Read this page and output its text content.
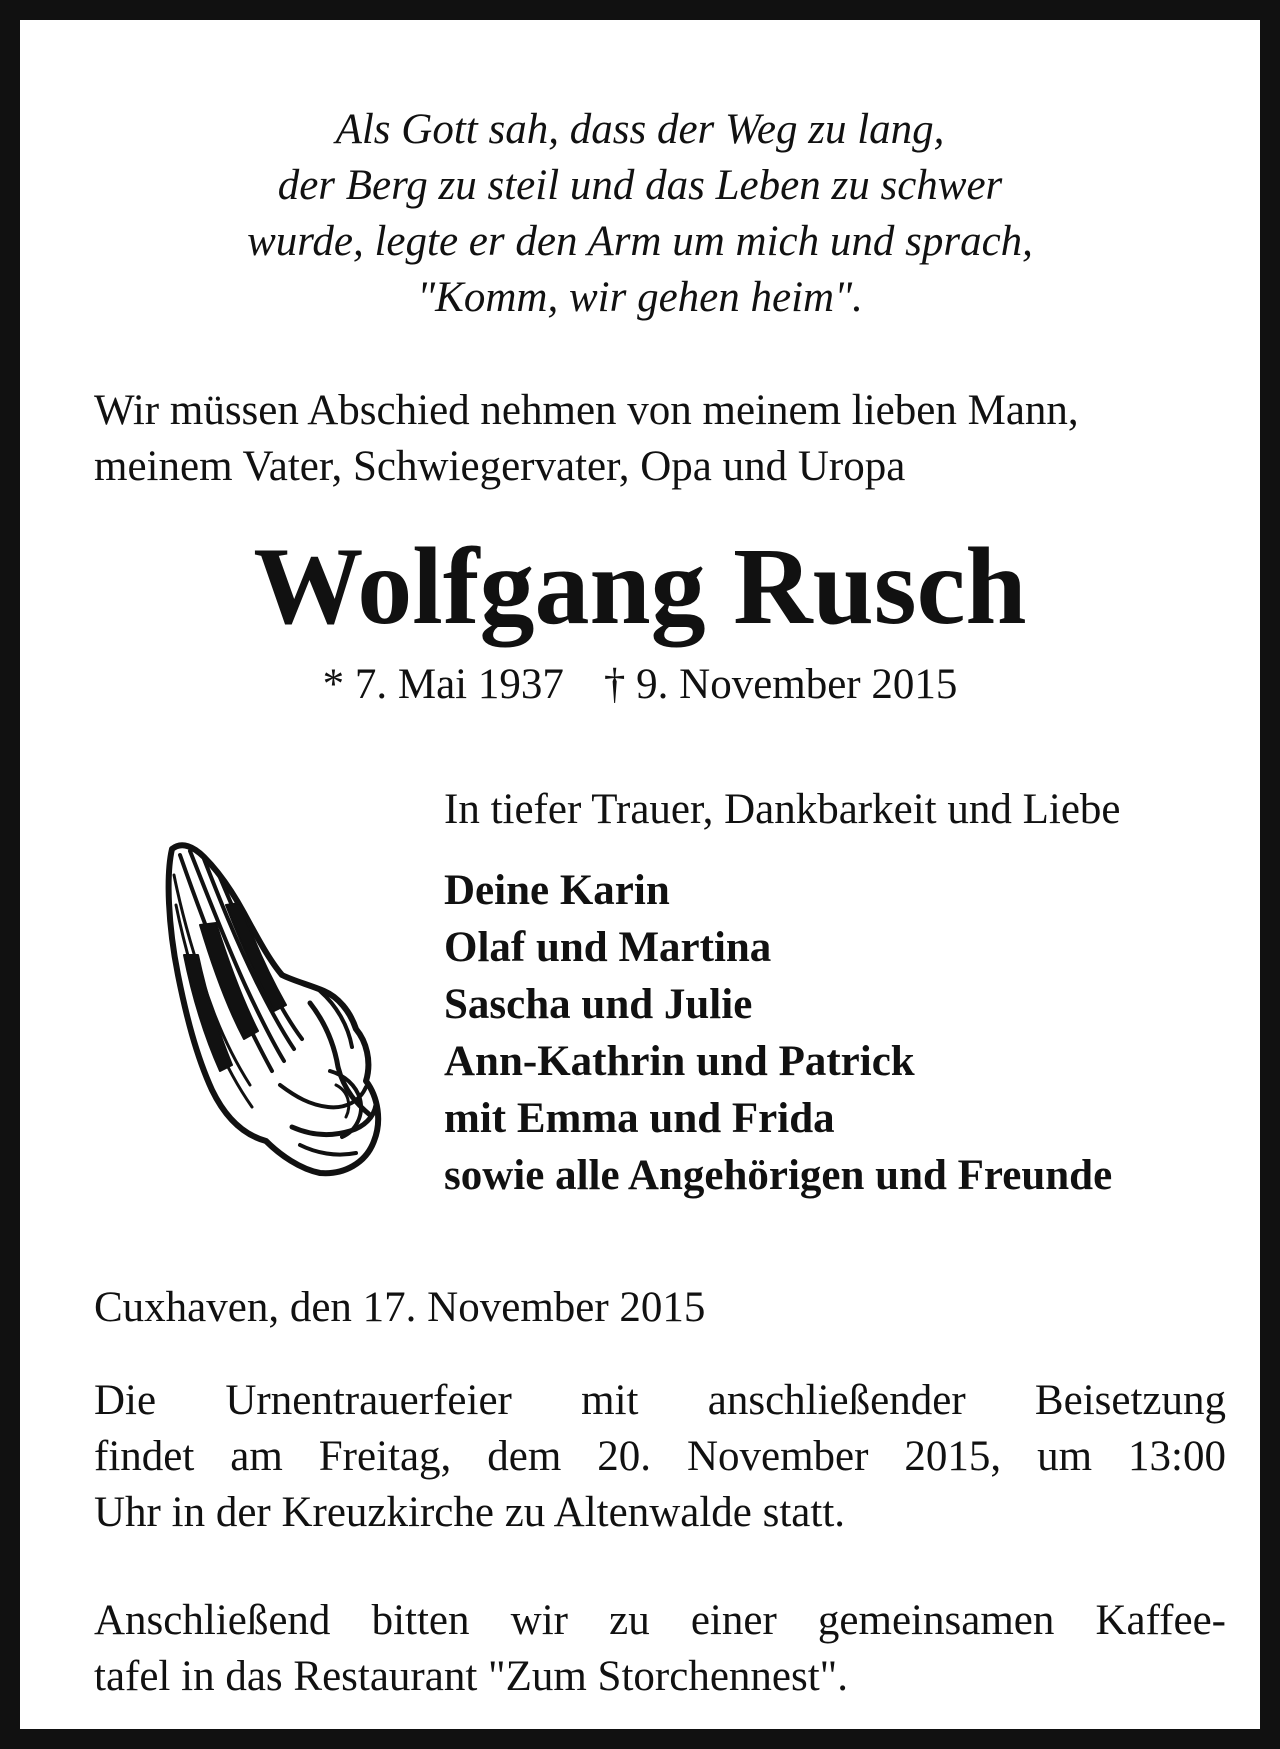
Als Gott sah, dass der Weg zu lang,
der Berg zu steil und das Leben zu schwer
wurde, legte er den Arm um mich und sprach,
"Komm, wir gehen heim".
Wir müssen Abschied nehmen von meinem lieben Mann,
meinem Vater, Schwiegervater, Opa und Uropa
Wolfgang Rusch
* 7. Mai 1937 † 9. November 2015
In tiefer Trauer, Dankbarkeit und Liebe
Deine Karin
Olaf und Martina
Sascha und Julie
Ann-Kathrin und Patrick
mit Emma und Frida
sowie alle Angehörigen und Freunde
Cuxhaven, den 17. November 2015
Die Urnentrauerfeier mit anschließender Beisetzung
findet am Freitag, dem 20. November 2015, um 13:00
Uhr in der Kreuzkirche zu Altenwalde statt.
Anschließend bitten wir zu einer gemeinsamen Kaffee-
tafel in das Restaurant "Zum Storchennest".
